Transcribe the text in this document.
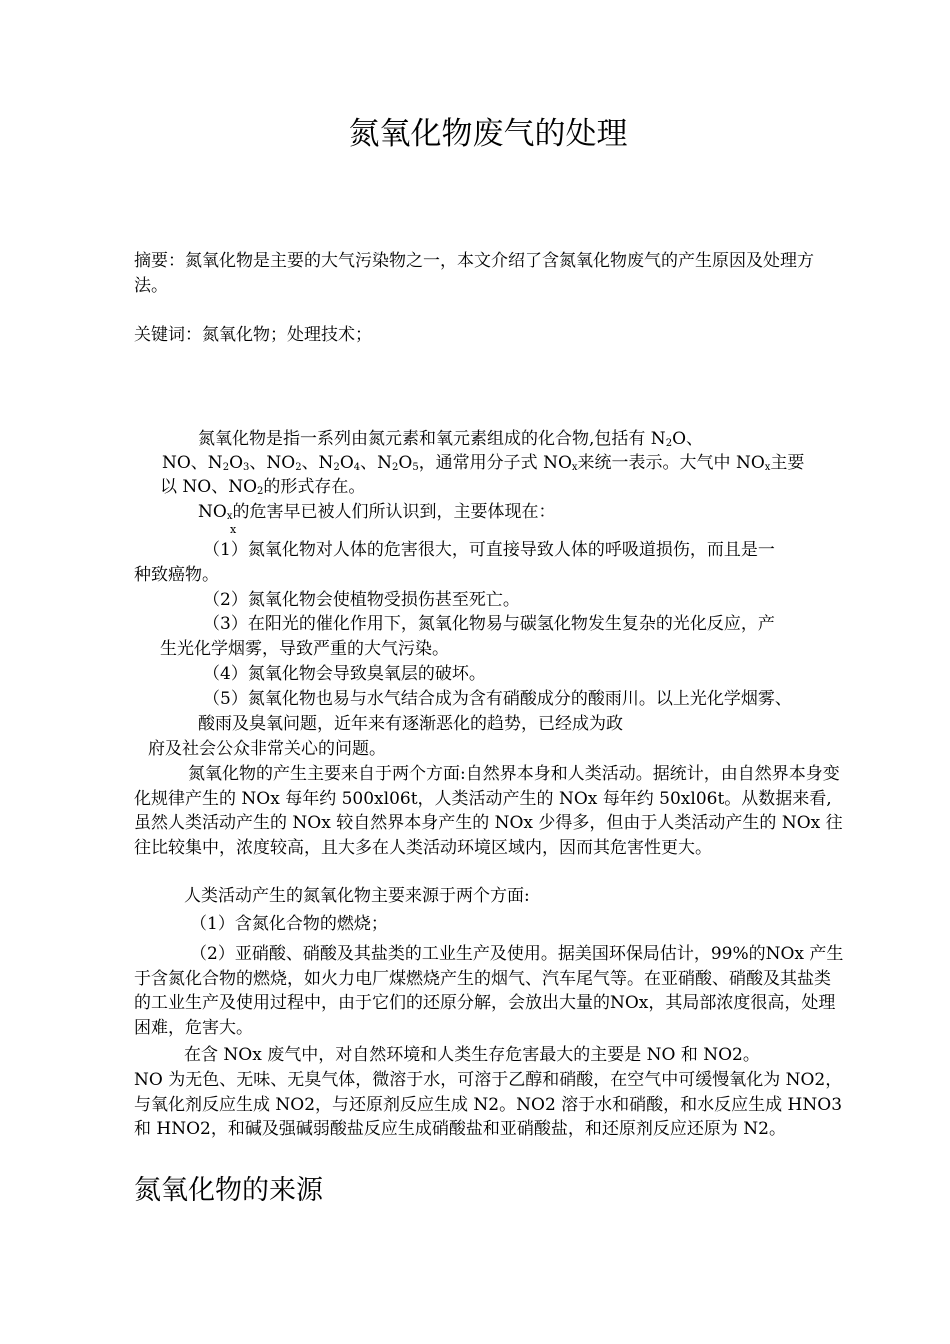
氮氧化物废气的处理
摘要：氮氧化物是主要的大气污染物之一，本文介绍了含氮氧化物废气的产生原因及处理方法。
关键词：氮氧化物；处理技术；
氮氧化物是指一系列由氮元素和氧元素组成的化合物,包括有 $N_2O$、
NO、$N_2O_3$、$NO_2$、$N_2O_4$、$N_2O_5$，通常用分子式 $NO_x$来统一表示。大气中 $NO_x$主要
以 NO、$NO_2$的形式存在。
$NO_x$的危害早已被人们所认识到，主要体现在：
x
（1）氮氧化物对人体的危害很大，可直接导致人体的呼吸道损伤，而且是一
种致癌物。
（2）氮氧化物会使植物受损伤甚至死亡。
（3）在阳光的催化作用下，氮氧化物易与碳氢化物发生复杂的光化反应，产
生光化学烟雾，导致严重的大气污染。
（4）氮氧化物会导致臭氧层的破坏。
（5）氮氧化物也易与水气结合成为含有硝酸成分的酸雨川。以上光化学烟雾、
酸雨及臭氧问题，近年来有逐渐恶化的趋势，已经成为政
府及社会公众非常关心的问题。
氮氧化物的产生主要来自于两个方面:自然界本身和人类活动。据统计，由自然界本身变化规律产生的 NOx 每年约 500xl06t，人类活动产生的 NOx 每年约 50xl06t。从数据来看,虽然人类活动产生的 NOx 较自然界本身产生的 NOx 少得多，但由于人类活动产生的 NOx 往往比较集中，浓度较高，且大多在人类活动环境区域内，因而其危害性更大。
人类活动产生的氮氧化物主要来源于两个方面:
（1）含氮化合物的燃烧；
（2）亚硝酸、硝酸及其盐类的工业生产及使用。据美国环保局估计，99%的NOx 产生于含氮化合物的燃烧，如火力电厂煤燃烧产生的烟气、汽车尾气等。在亚硝酸、硝酸及其盐类的工业生产及使用过程中，由于它们的还原分解，会放出大量的NOx，其局部浓度很高，处理困难，危害大。
在含 NOx 废气中，对自然环境和人类生存危害最大的主要是 NO 和 NO2。
NO 为无色、无味、无臭气体，微溶于水，可溶于乙醇和硝酸，在空气中可缓慢氧化为 NO2，与氧化剂反应生成 NO2，与还原剂反应生成 N2。NO2 溶于水和硝酸，和水反应生成 HNO3 和 HNO2，和碱及强碱弱酸盐反应生成硝酸盐和亚硝酸盐，和还原剂反应还原为 N2。
氮氧化物的来源
